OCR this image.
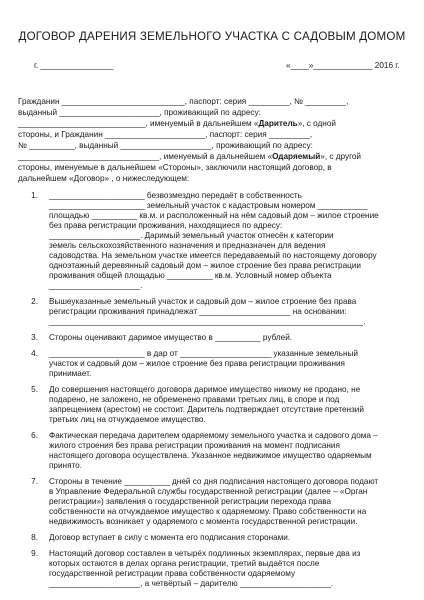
ДОГОВОР ДАРЕНИЯ ЗЕМЕЛЬНОГО УЧАСТКА С САДОВЫМ ДОМОМ
г. ________________	«____»_____________ 2016 г.
Гражданин ___________________________, паспорт: серия _________, № _________,
выданный ______________________, проживающий по адресу:
____________________________, именуемый в дальнейшем «Даритель», с одной
стороны, и Гражданин ______________________, паспорт: серия _________,
№ __________, выданный ____________________, проживающий по адресу:
_______________________________, именуемый в дальнейшем «Одаряемый», с другой
стороны, именуемые в дальнейшем «Стороны», заключили настоящий договор, в
дальнейшем «Договор» , о нижеследующем:
1. _____________________ безвозмездно передаёт в собственность
_____________________ земельный участок с кадастровым номером ___________
площадью __________ кв.м. и расположенный на нём садовый дом – жилое строение
без права регистрации проживания, находящиеся по адресу:
____________________. Даримый земельный участок отнесён к категории
земель сельскохозяйственного назначения и предназначен для ведения
садоводства. На земельном участке имеется передаваемый по настоящему договору
одноэтажный деревянный садовый дом – жилое строение без права регистрации
проживания общей площадью __________ кв.м. Условный номер объекта
____________________.
2. Вышеуказанные земельный участок и садовый дом – жилое строение без права
регистрации проживания принадлежат ____________________ на основании:
_____________________________________________________________________.
3. Стороны оценивают даримое имущество в __________ рублей.
4. _____________________ в дар от ____________________ указанные земельный
участок и садовый дом – жилое строение без права регистрации проживания
принимает.
5. До совершения настоящего договора даримое имущество никому не продано, не
подарено, не заложено, не обременено правами третьих лиц, в споре и под
запрещением (арестом) не состоит. Даритель подтверждает отсутствие претензий
третьих лиц на отчуждаемое имущество.
6. Фактическая передача дарителем одаряемому земельного участка и садового дома –
жилого строения без права регистрации проживания на момент подписания
настоящего договора осуществлена. Указанное недвижимое имущество одаряемым
принято.
7. Стороны в течение __________ дней со дня подписания настоящего договора подают
в Управление Федеральной службы государственной регистрации (далее – «Орган
регистрации») заявления о государственной регистрации перехода права
собственности на отчуждаемое имущество к одаряемому. Право собственности на
недвижимость возникает у одаряемого с момента государственной регистрации.
8. Договор вступает в силу с момента его подписания сторонами.
9. Настоящий договор составлен в четырёх подлинных экземплярах, первые два из
которых остаются в делах органа регистрации, третий выдаётся после
государственной регистрации права собственности одаряемому
____________________, а четвёртый – дарителю ____________________.
